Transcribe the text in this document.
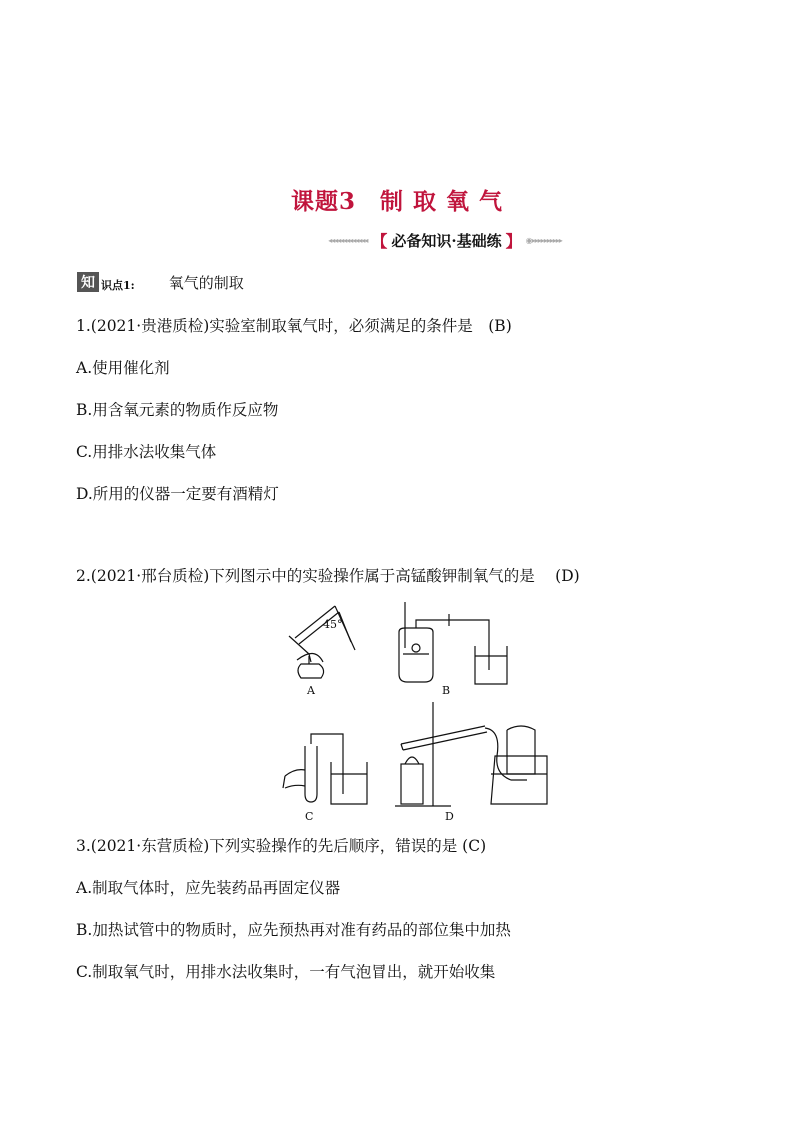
课题3　制 取 氧 气
◂◂◂◂◂◂◂◂◂◂◂◂◂ 【 必备知识·基础练 】 ◉▸▸▸▸▸▸▸▸▸▸
知 识点1: 氧气的制取
1.(2021·贵港质检)实验室制取氧气时，必须满足的条件是　(B)
A.使用催化剂
B.用含氧元素的物质作反应物
C.用排水法收集气体
D.所用的仪器一定要有酒精灯
2.(2021·邢台质检)下列图示中的实验操作属于高锰酸钾制氧气的是　 (D)
45°
A	B
C	D
3.(2021·东营质检)下列实验操作的先后顺序，错误的是 (C)
A.制取气体时，应先装药品再固定仪器
B.加热试管中的物质时，应先预热再对准有药品的部位集中加热
C.制取氧气时，用排水法收集时，一有气泡冒出，就开始收集
